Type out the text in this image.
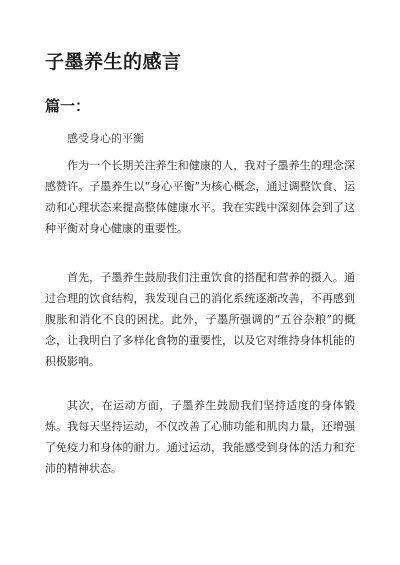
子墨养生的感言
篇一：

感受身心的平衡

作为一个长期关注养生和健康的人，我对子墨养生的理念深感赞许。子墨养生以“身心平衡”为核心概念，通过调整饮食、运动和心理状态来提高整体健康水平。我在实践中深刻体会到了这种平衡对身心健康的重要性。

首先，子墨养生鼓励我们注重饮食的搭配和营养的摄入。通过合理的饮食结构，我发现自己的消化系统逐渐改善，不再感到腹胀和消化不良的困扰。此外，子墨所强调的“五谷杂粮”的概念，让我明白了多样化食物的重要性，以及它对维持身体机能的积极影响。

其次，在运动方面，子墨养生鼓励我们坚持适度的身体锻炼。我每天坚持运动，不仅改善了心肺功能和肌肉力量，还增强了免疫力和身体的耐力。通过运动，我能感受到身体的活力和充沛的精神状态。
